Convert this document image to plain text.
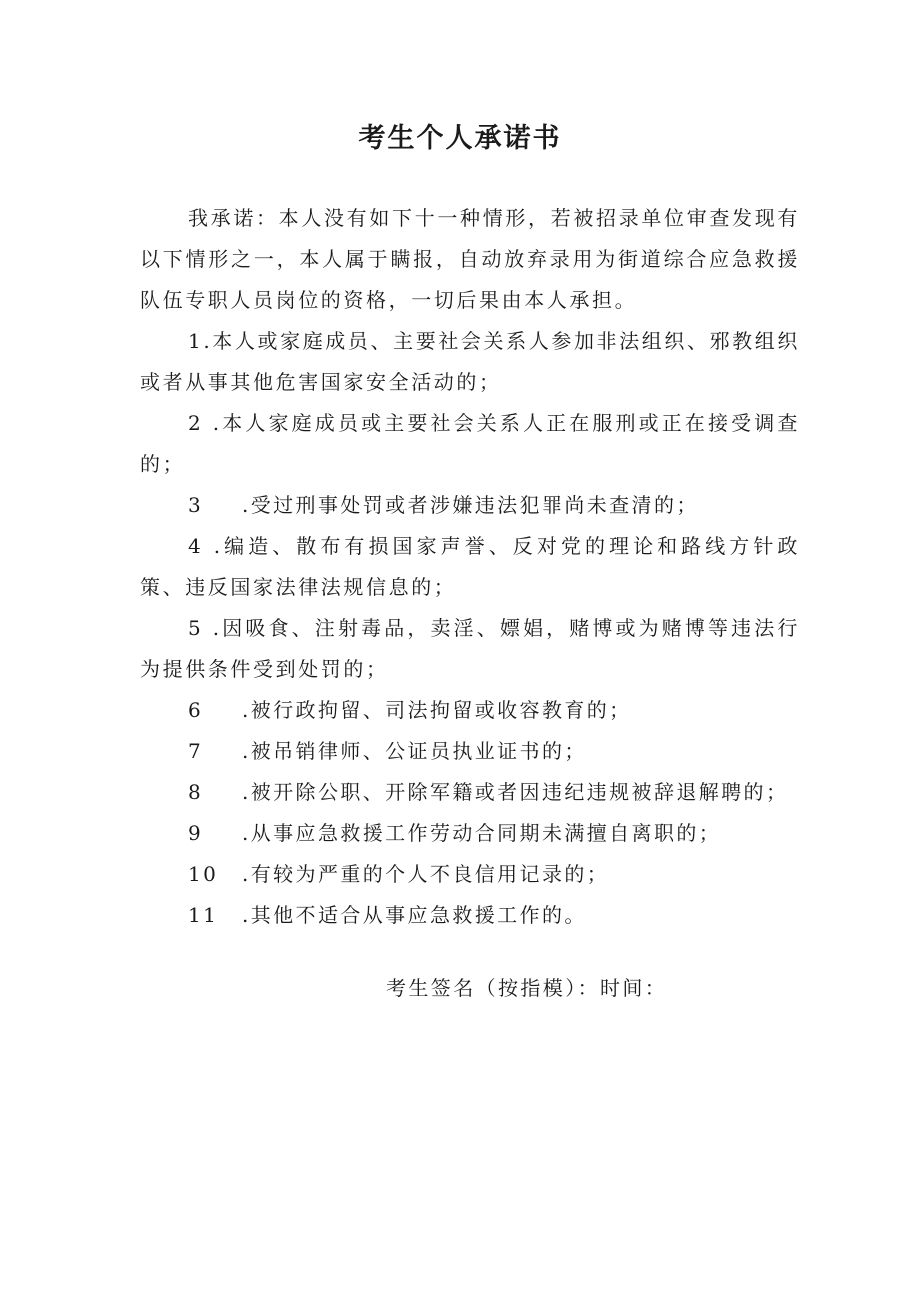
考生个人承诺书

我承诺：本人没有如下十一种情形，若被招录单位审查发现有以下情形之一，本人属于瞒报，自动放弃录用为街道综合应急救援队伍专职人员岗位的资格，一切后果由本人承担。

1.本人或家庭成员、主要社会关系人参加非法组织、邪教组织或者从事其他危害国家安全活动的；

2 .本人家庭成员或主要社会关系人正在服刑或正在接受调查的；

3 .受过刑事处罚或者涉嫌违法犯罪尚未查清的；

4 .编造、散布有损国家声誉、反对党的理论和路线方针政策、违反国家法律法规信息的；

5 .因吸食、注射毒品，卖淫、嫖娼，赌博或为赌博等违法行为提供条件受到处罚的；

6 .被行政拘留、司法拘留或收容教育的；
7 .被吊销律师、公证员执业证书的；
8 .被开除公职、开除军籍或者因违纪违规被辞退解聘的；
9 .从事应急救援工作劳动合同期未满擅自离职的；
10 .有较为严重的个人不良信用记录的；
11 .其他不适合从事应急救援工作的。

考生签名（按指模）：时间：
